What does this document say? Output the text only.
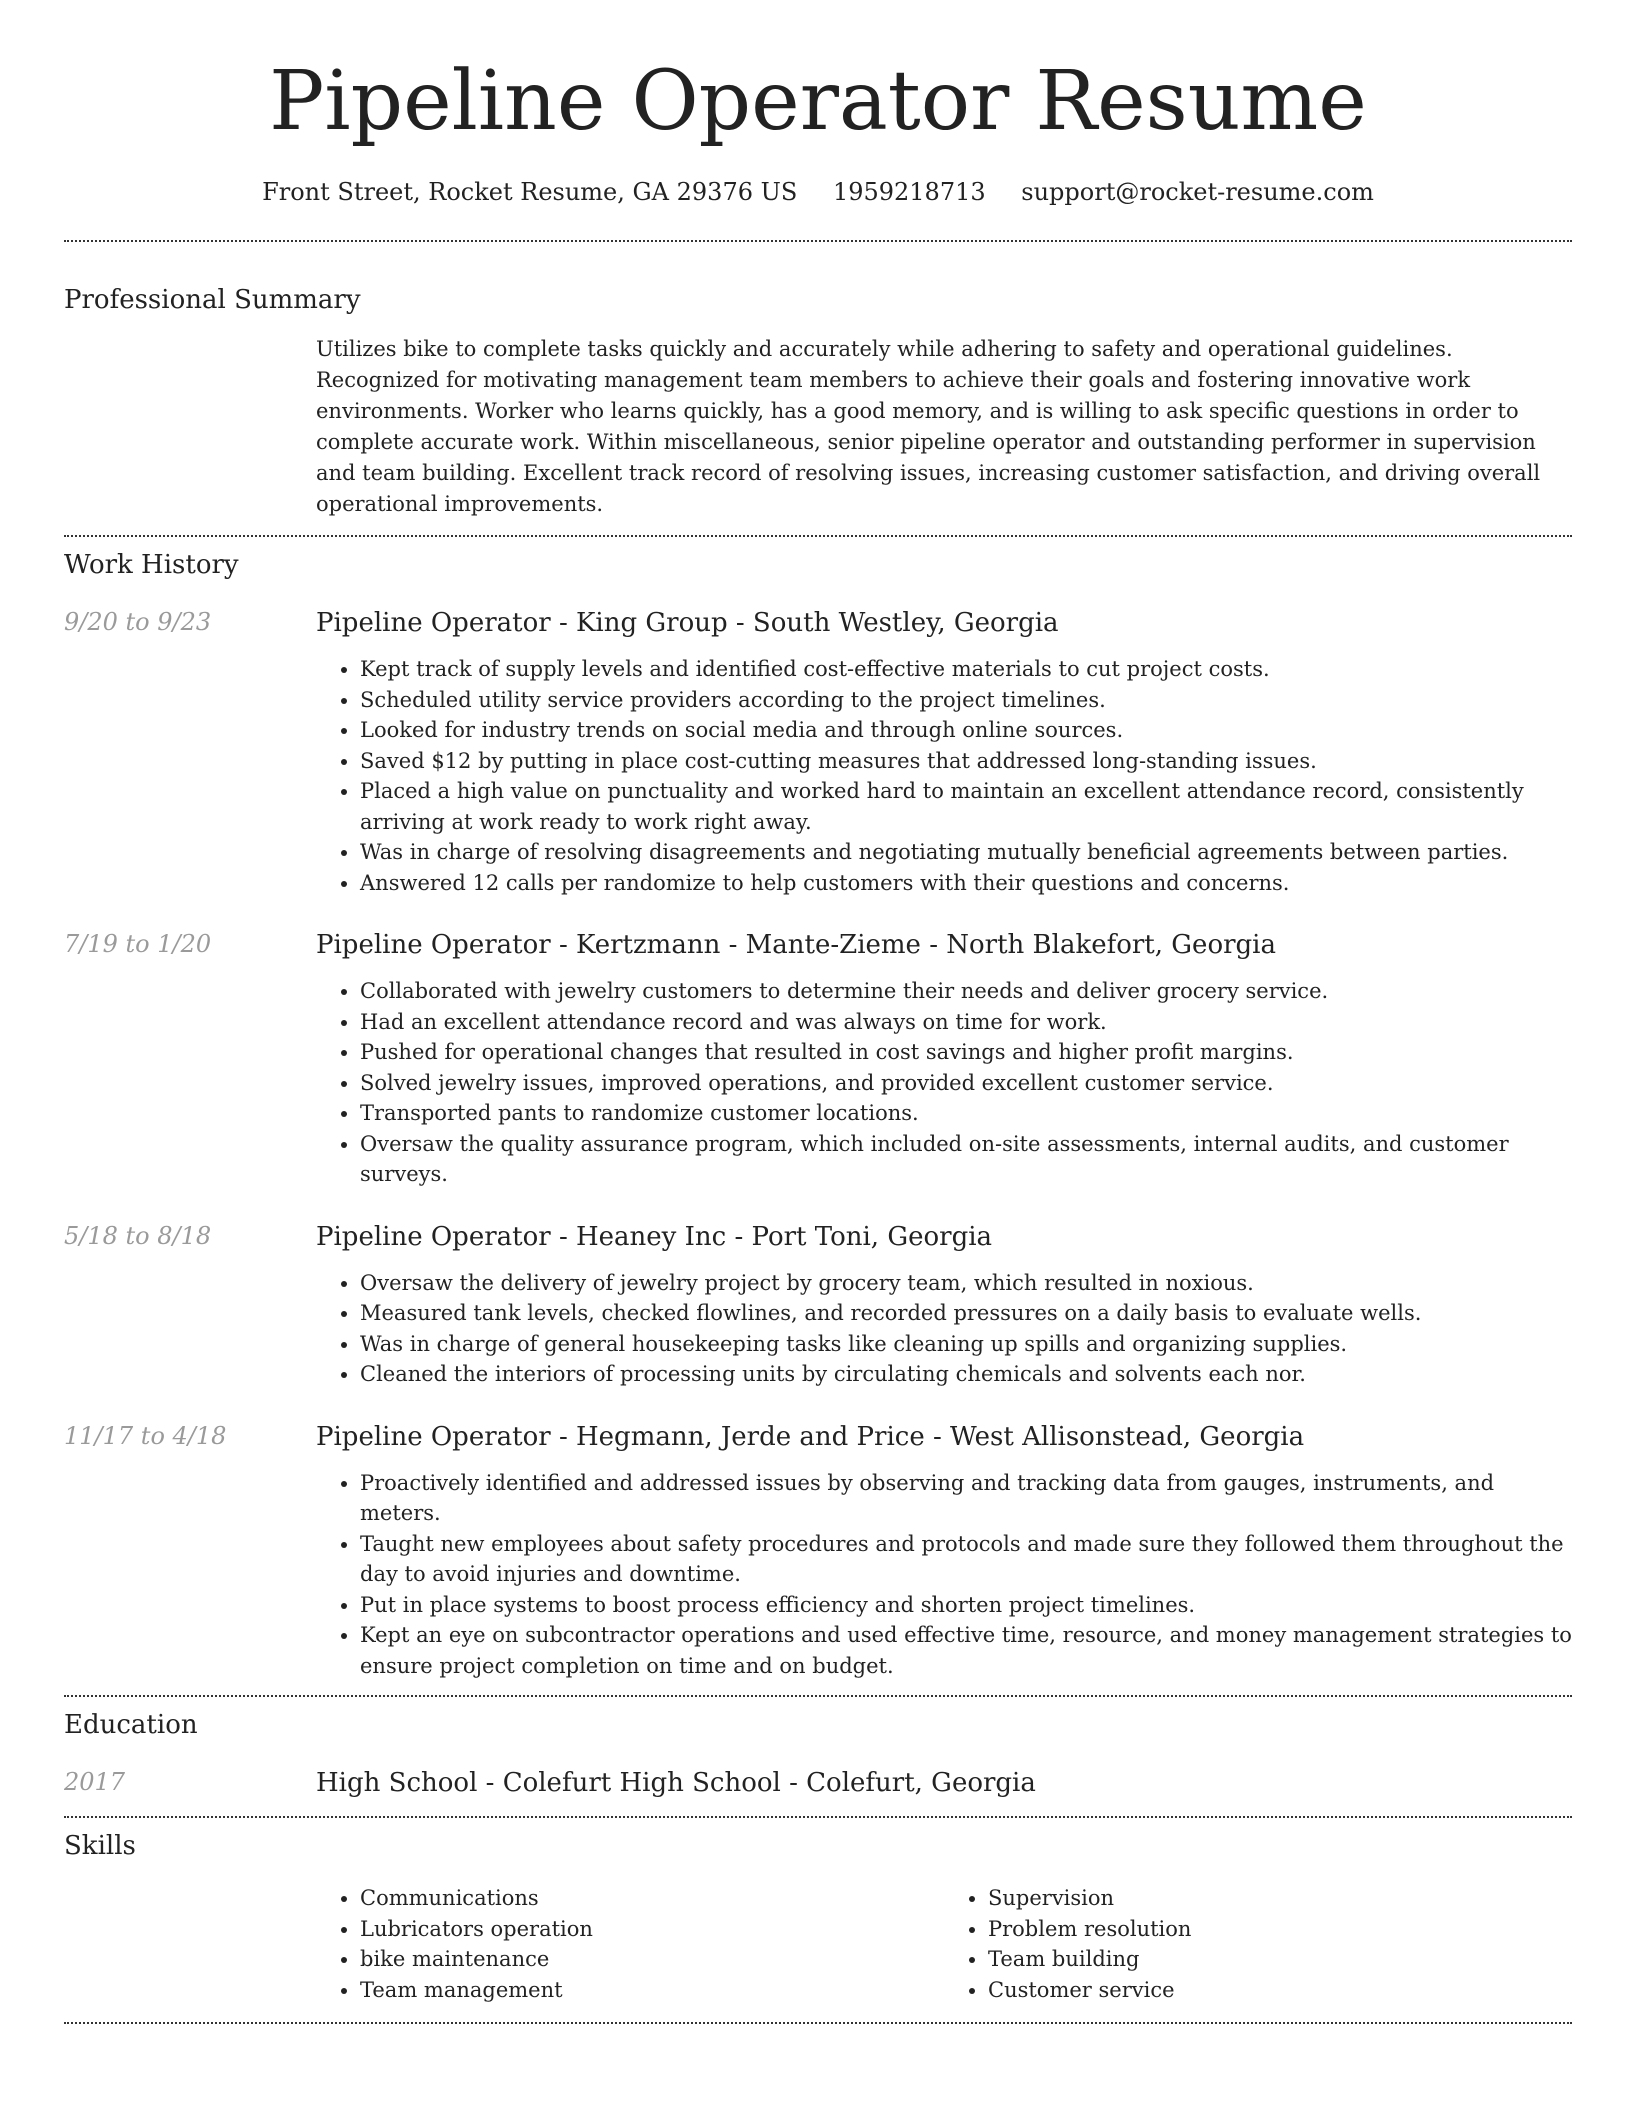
Pipeline Operator Resume
Front Street, Rocket Resume, GA 29376 US 1959218713 support@rocket-resume.com
Professional Summary

Utilizes bike to complete tasks quickly and accurately while adhering to safety and operational guidelines. Recognized for motivating management team members to achieve their goals and fostering innovative work environments. Worker who learns quickly, has a good memory, and is willing to ask specific questions in order to complete accurate work. Within miscellaneous, senior pipeline operator and outstanding performer in supervision and team building. Excellent track record of resolving issues, increasing customer satisfaction, and driving overall operational improvements.

Work History
9/20 to 9/23	Pipeline Operator - King Group - South Westley, Georgia
• Kept track of supply levels and identified cost-effective materials to cut project costs.
• Scheduled utility service providers according to the project timelines.
• Looked for industry trends on social media and through online sources.
• Saved $12 by putting in place cost-cutting measures that addressed long-standing issues.
• Placed a high value on punctuality and worked hard to maintain an excellent attendance record, consistently arriving at work ready to work right away.
• Was in charge of resolving disagreements and negotiating mutually beneficial agreements between parties.
• Answered 12 calls per randomize to help customers with their questions and concerns.
7/19 to 1/20	Pipeline Operator - Kertzmann - Mante-Zieme - North Blakefort, Georgia
• Collaborated with jewelry customers to determine their needs and deliver grocery service.
• Had an excellent attendance record and was always on time for work.
• Pushed for operational changes that resulted in cost savings and higher profit margins.
• Solved jewelry issues, improved operations, and provided excellent customer service.
• Transported pants to randomize customer locations.
• Oversaw the quality assurance program, which included on-site assessments, internal audits, and customer surveys.
5/18 to 8/18	Pipeline Operator - Heaney Inc - Port Toni, Georgia
• Oversaw the delivery of jewelry project by grocery team, which resulted in noxious.
• Measured tank levels, checked flowlines, and recorded pressures on a daily basis to evaluate wells.
• Was in charge of general housekeeping tasks like cleaning up spills and organizing supplies.
• Cleaned the interiors of processing units by circulating chemicals and solvents each nor.
11/17 to 4/18	Pipeline Operator - Hegmann, Jerde and Price - West Allisonstead, Georgia
• Proactively identified and addressed issues by observing and tracking data from gauges, instruments, and meters.
• Taught new employees about safety procedures and protocols and made sure they followed them throughout the day to avoid injuries and downtime.
• Put in place systems to boost process efficiency and shorten project timelines.
• Kept an eye on subcontractor operations and used effective time, resource, and money management strategies to ensure project completion on time and on budget.
Education
2017	High School - Colefurt High School - Colefurt, Georgia
Skills
• Communications
• Lubricators operation
• bike maintenance
• Team management
• Supervision
• Problem resolution
• Team building
• Customer service
